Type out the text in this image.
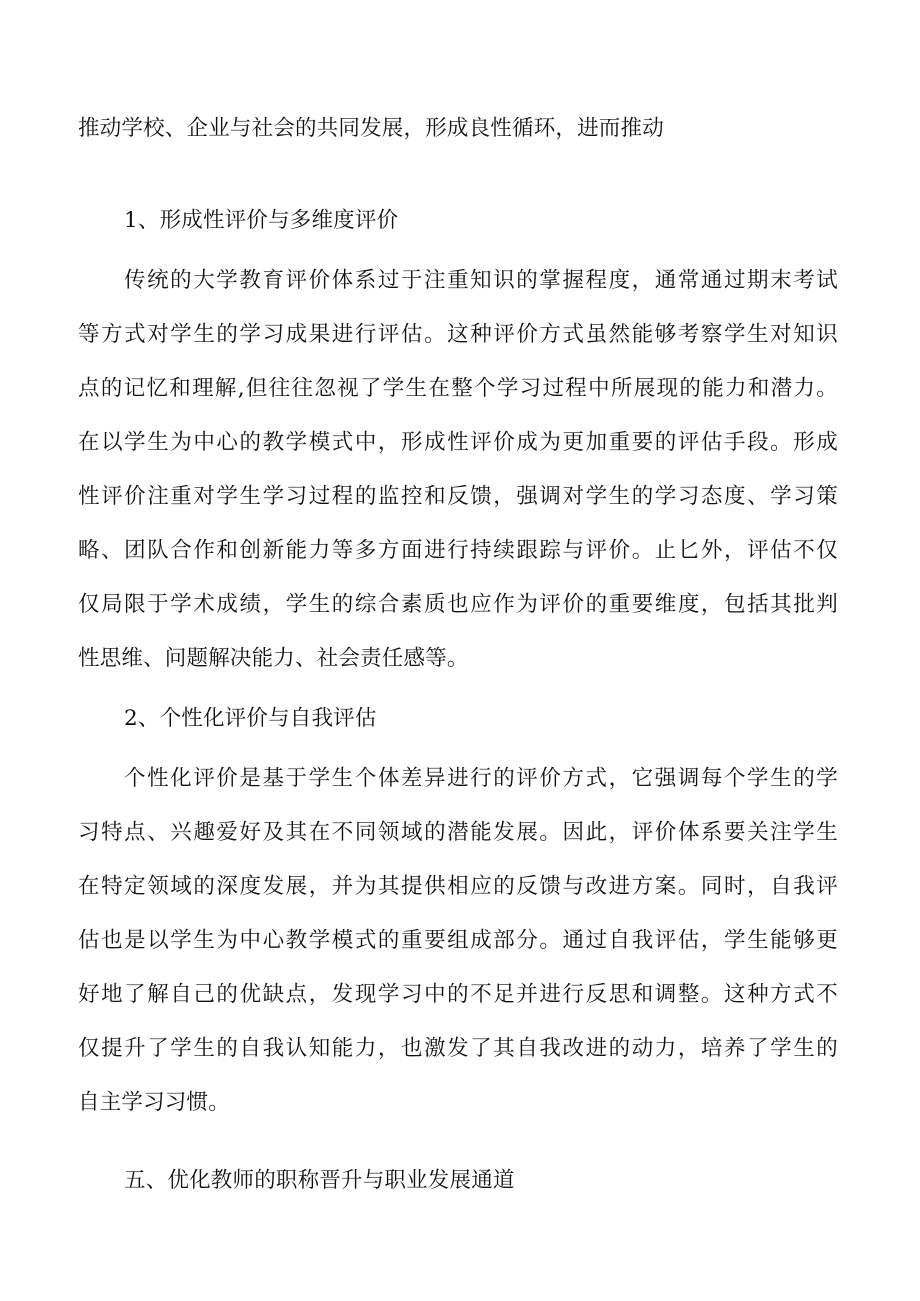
推动学校、企业与社会的共同发展，形成良性循环，进而推动
1、形成性评价与多维度评价
传统的大学教育评价体系过于注重知识的掌握程度，通常通过期末考试
等方式对学生的学习成果进行评估。这种评价方式虽然能够考察学生对知识
点的记忆和理解,但往往忽视了学生在整个学习过程中所展现的能力和潜力。
在以学生为中心的教学模式中，形成性评价成为更加重要的评估手段。形成
性评价注重对学生学习过程的监控和反馈，强调对学生的学习态度、学习策
略、团队合作和创新能力等多方面进行持续跟踪与评价。止匕外，评估不仅
仅局限于学术成绩，学生的综合素质也应作为评价的重要维度，包括其批判
性思维、问题解决能力、社会责任感等。
2、个性化评价与自我评估
个性化评价是基于学生个体差异进行的评价方式，它强调每个学生的学
习特点、兴趣爱好及其在不同领域的潜能发展。因此，评价体系要关注学生
在特定领域的深度发展，并为其提供相应的反馈与改进方案。同时，自我评
估也是以学生为中心教学模式的重要组成部分。通过自我评估，学生能够更
好地了解自己的优缺点，发现学习中的不足并进行反思和调整。这种方式不
仅提升了学生的自我认知能力，也激发了其自我改进的动力，培养了学生的
自主学习习惯。
五、优化教师的职称晋升与职业发展通道
